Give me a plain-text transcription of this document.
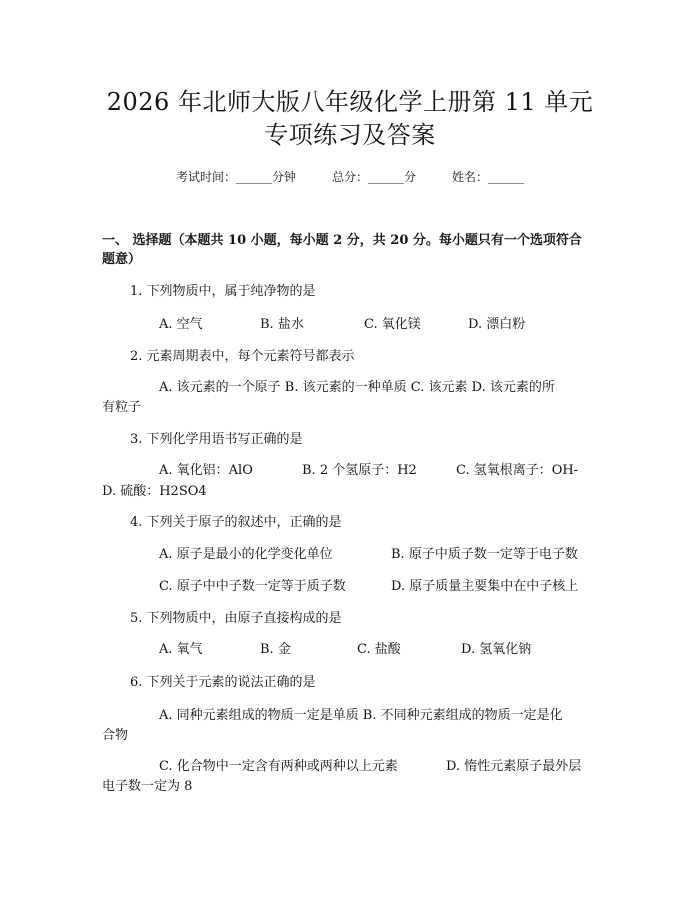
2026 年北师大版八年级化学上册第 11 单元
专项练习及答案
考试时间：______分钟	总分：______分	姓名：______
一、 选择题（本题共 10 小题，每小题 2 分，共 20 分。每小题只有一个选项符合
题意）
1. 下列物质中，属于纯净物的是
A. 空气	B. 盐水	C. 氧化镁	D. 漂白粉
2. 元素周期表中，每个元素符号都表示
A. 该元素的一个原子 B. 该元素的一种单质 C. 该元素 D. 该元素的所
有粒子
3. 下列化学用语书写正确的是
A. 氧化铝：AlO	B. 2 个氢原子：H2	C. 氢氧根离子：OH-
D. 硫酸：H2SO4
4. 下列关于原子的叙述中，正确的是
A. 原子是最小的化学变化单位	B. 原子中质子数一定等于电子数
C. 原子中中子数一定等于质子数	D. 原子质量主要集中在中子核上
5. 下列物质中，由原子直接构成的是
A. 氧气	B. 金	C. 盐酸	D. 氢氧化钠
6. 下列关于元素的说法正确的是
A. 同种元素组成的物质一定是单质 B. 不同种元素组成的物质一定是化
合物
C. 化合物中一定含有两种或两种以上元素	D. 惰性元素原子最外层
电子数一定为 8
